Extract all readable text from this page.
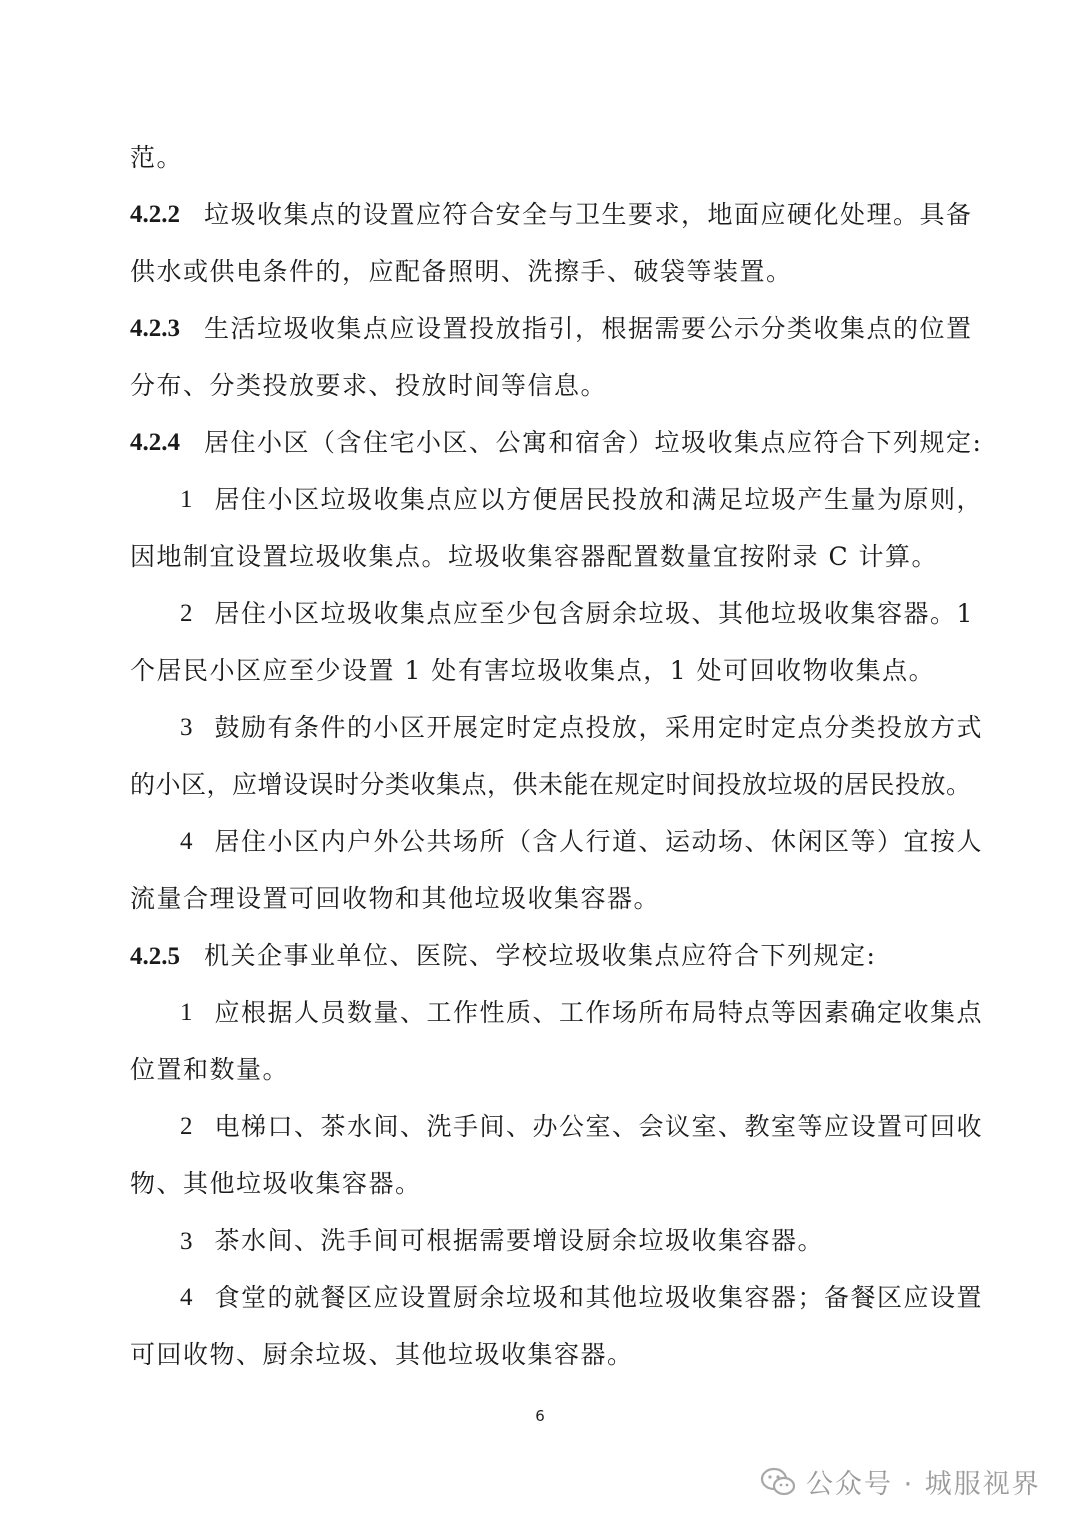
范。
4.2.2 垃圾收集点的设置应符合安全与卫生要求，地面应硬化处理。具备
供水或供电条件的，应配备照明、洗擦手、破袋等装置。
4.2.3 生活垃圾收集点应设置投放指引，根据需要公示分类收集点的位置
分布、分类投放要求、投放时间等信息。
4.2.4 居住小区（含住宅小区、公寓和宿舍）垃圾收集点应符合下列规定:
1 居住小区垃圾收集点应以方便居民投放和满足垃圾产生量为原则，
因地制宜设置垃圾收集点。垃圾收集容器配置数量宜按附录 C 计算。
2 居住小区垃圾收集点应至少包含厨余垃圾、其他垃圾收集容器。1
个居民小区应至少设置 1 处有害垃圾收集点，1 处可回收物收集点。
3 鼓励有条件的小区开展定时定点投放，采用定时定点分类投放方式
的小区，应增设误时分类收集点，供未能在规定时间投放垃圾的居民投放。
4 居住小区内户外公共场所（含人行道、运动场、休闲区等）宜按人
流量合理设置可回收物和其他垃圾收集容器。
4.2.5 机关企事业单位、医院、学校垃圾收集点应符合下列规定:
1 应根据人员数量、工作性质、工作场所布局特点等因素确定收集点
位置和数量。
2 电梯口、茶水间、洗手间、办公室、会议室、教室等应设置可回收
物、其他垃圾收集容器。
3 茶水间、洗手间可根据需要增设厨余垃圾收集容器。
4 食堂的就餐区应设置厨余垃圾和其他垃圾收集容器；备餐区应设置
可回收物、厨余垃圾、其他垃圾收集容器。
6
公众号 · 城服视界
